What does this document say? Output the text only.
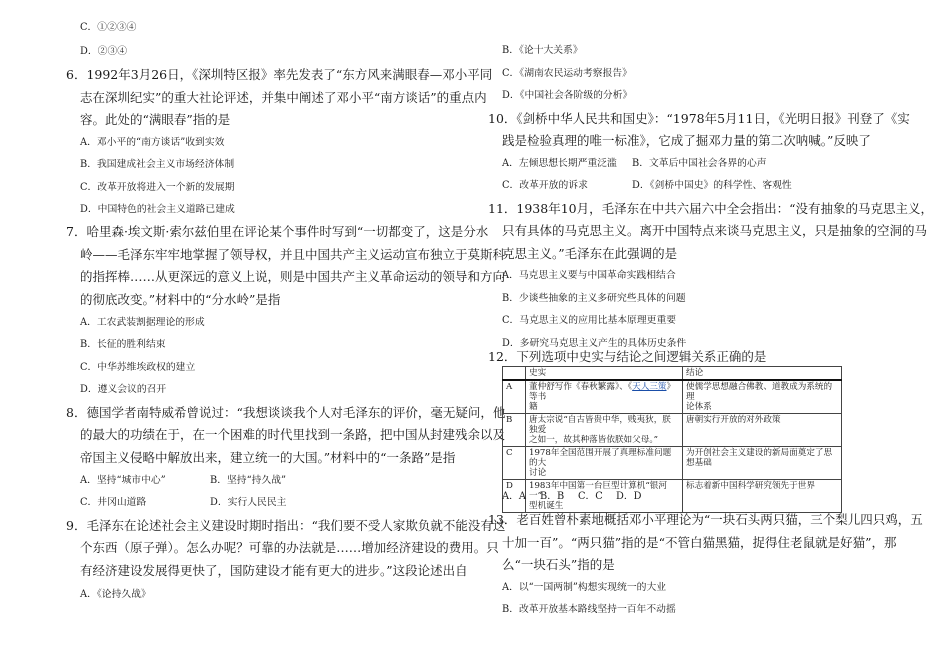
C．①②③④
D．②③④
6．1992年3月26日，《深圳特区报》率先发表了“东方风来满眼春—邓小平同
志在深圳纪实”的重大社论评述，并集中阐述了邓小平“南方谈话”的重点内
容。此处的“满眼春”指的是
A．邓小平的“南方谈话”收到实效
B．我国建成社会主义市场经济体制
C．改革开放将进入一个新的发展期
D．中国特色的社会主义道路已建成
7．哈里森·埃文斯·索尔兹伯里在评论某个事件时写到“一切都变了，这是分水
岭——毛泽东牢牢地掌握了领导权，并且中国共产主义运动宣布独立于莫斯科
的指挥棒……从更深远的意义上说，则是中国共产主义革命运动的领导和方向
的彻底改变。”材料中的“分水岭”是指
A．工农武装割据理论的形成
B．长征的胜利结束
C．中华苏维埃政权的建立
D．遵义会议的召开
8．德国学者南特威希曾说过：“我想谈谈我个人对毛泽东的评价，毫无疑问，他
的最大的功绩在于，在一个困难的时代里找到一条路，把中国从封建残余以及
帝国主义侵略中解放出来，建立统一的大国。”材料中的“一条路”是指
A．坚持“城市中心”	B．坚持“持久战”
C．井冈山道路	D．实行人民民主
9．毛泽东在论述社会主义建设时期时指出：“我们要不受人家欺负就不能没有这
个东西（原子弹）。怎么办呢？可靠的办法就是……增加经济建设的费用。只
有经济建设发展得更快了，国防建设才能有更大的进步。”这段论述出自
A．《论持久战》
B．《论十大关系》
C．《湖南农民运动考察报告》
D．《中国社会各阶级的分析》
10．《剑桥中华人民共和国史》：“1978年5月11日，《光明日报》刊登了《实
践是检验真理的唯一标准》，它成了掘邓力量的第二次呐喊。”反映了
A．左倾思想长期严重泛滥 B．文革后中国社会各界的心声
C．改革开放的诉求	D．《剑桥中国史》的科学性、客观性
11．1938年10月，毛泽东在中共六届六中全会指出：“没有抽象的马克思主义，
只有具体的马克思主义。离开中国特点来谈马克思主义，只是抽象的空洞的马
克思主义。”毛泽东在此强调的是
A．马克思主义要与中国革命实践相结合
B．少谈些抽象的主义多研究些具体的问题
C．马克思主义的应用比基本原理更重要
D．多研究马克思主义产生的具体历史条件
12．下列选项中史实与结论之间逻辑关系正确的是
	史实	结论
A	董仲舒写作《春秋繁露》、《天人三策》等书
籍	使儒学思想融合佛教、道教成为系统的理
论体系
B	唐太宗说“自古皆贵中华，贱夷狄，朕独爱
之如一，故其种落皆依朕如父母。”	唐朝实行开放的对外政策
C	1978年全国范围开展了真理标准问题的大
讨论	为开创社会主义建设的新局面奠定了思
想基础
D	1983年中国第一台巨型计算机“银河一”
型机诞生	标志着新中国科学研究领先于世界
A．A B．B C．C D．D
13．老百姓曾朴素地概括邓小平理论为“一块石头两只猫，三个梨儿四只鸡，五
十加一百”。“两只猫”指的是“不管白猫黑猫，捉得住老鼠就是好猫”，那
么“一块石头”指的是
A．以“一国两制”构想实现统一的大业
B．改革开放基本路线坚持一百年不动摇
